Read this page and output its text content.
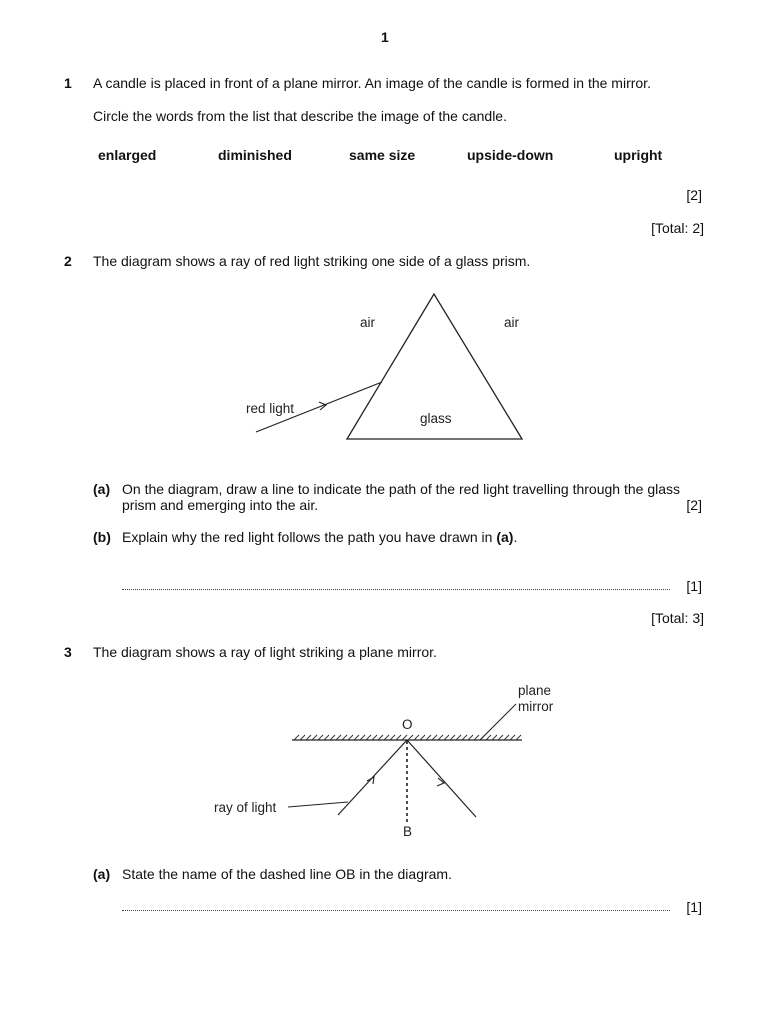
1
1 A candle is placed in front of a plane mirror. An image of the candle is formed in the mirror.
Circle the words from the list that describe the image of the candle.
enlarged	diminished	same size	upside-down	upright
[2]
[Total: 2]
2 The diagram shows a ray of red light striking one side of a glass prism.
air	air
red light
glass
(a) On the diagram, draw a line to indicate the path of the red light travelling through the glass
prism and emerging into the air.	[2]
(b) Explain why the red light follows the path you have drawn in (a).
[1]
[Total: 3]
3 The diagram shows a ray of light striking a plane mirror.
plane
mirror
O
B
ray of light
(a) State the name of the dashed line OB in the diagram.
[1]
